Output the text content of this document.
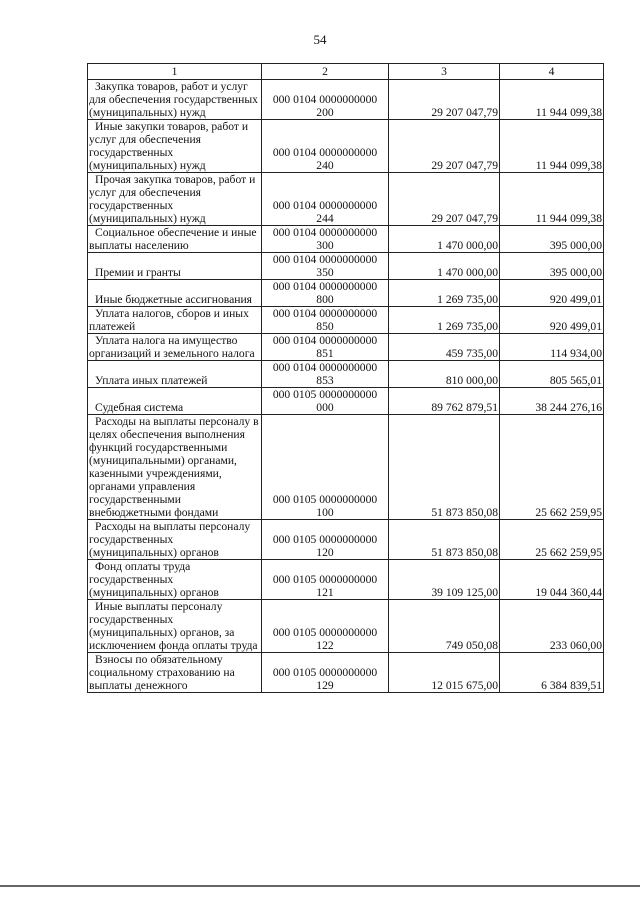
54
1	2	3	4
Закупка товаров, работ и услуг для обеспечения государственных (муниципальных) нужд	000 0104 0000000000 200	29 207 047,79	11 944 099,38
Иные закупки товаров, работ и услуг для обеспечения государственных (муниципальных) нужд	000 0104 0000000000 240	29 207 047,79	11 944 099,38
Прочая закупка товаров, работ и услуг для обеспечения государственных (муниципальных) нужд	000 0104 0000000000 244	29 207 047,79	11 944 099,38
Социальное обеспечение и иные выплаты населению	000 0104 0000000000 300	1 470 000,00	395 000,00
Премии и гранты	000 0104 0000000000 350	1 470 000,00	395 000,00
Иные бюджетные ассигнования	000 0104 0000000000 800	1 269 735,00	920 499,01
Уплата налогов, сборов и иных платежей	000 0104 0000000000 850	1 269 735,00	920 499,01
Уплата налога на имущество организаций и земельного налога	000 0104 0000000000 851	459 735,00	114 934,00
Уплата иных платежей	000 0104 0000000000 853	810 000,00	805 565,01
Судебная система	000 0105 0000000000 000	89 762 879,51	38 244 276,16
Расходы на выплаты персоналу в целях обеспечения выполнения функций государственными (муниципальными) органами, казенными учреждениями, органами управления государственными внебюджетными фондами	000 0105 0000000000 100	51 873 850,08	25 662 259,95
Расходы на выплаты персоналу государственных (муниципальных) органов	000 0105 0000000000 120	51 873 850,08	25 662 259,95
Фонд оплаты труда государственных (муниципальных) органов	000 0105 0000000000 121	39 109 125,00	19 044 360,44
Иные выплаты персоналу государственных (муниципальных) органов, за исключением фонда оплаты труда	000 0105 0000000000 122	749 050,08	233 060,00
Взносы по обязательному социальному страхованию на выплаты денежного	000 0105 0000000000 129	12 015 675,00	6 384 839,51
